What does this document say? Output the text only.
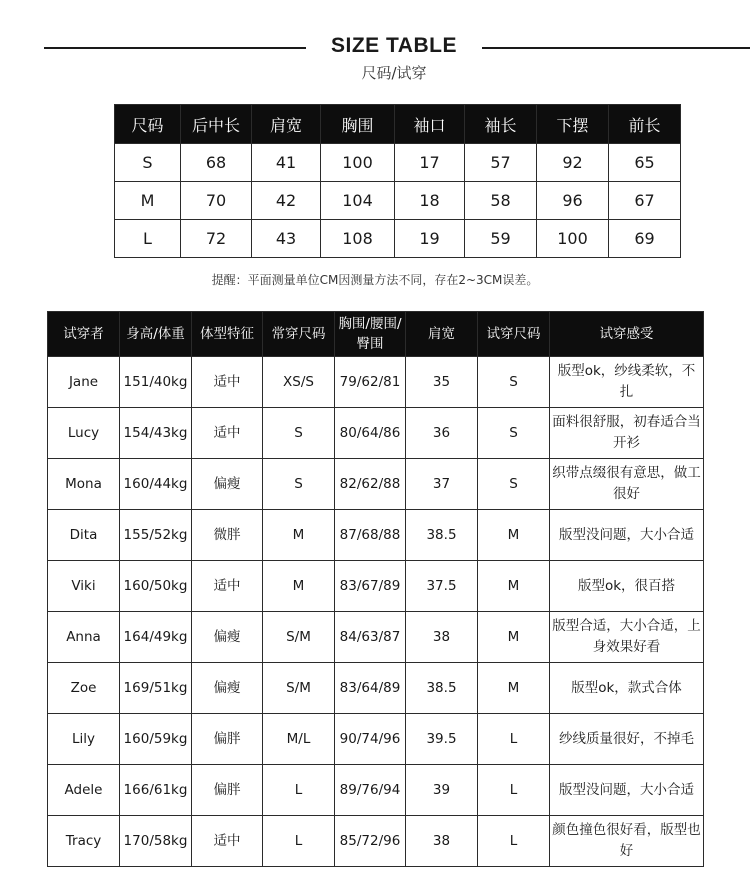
SIZE TABLE
尺码/试穿
尺码	后中长	肩宽	胸围	袖口	袖长	下摆	前长
S	68	41	100	17	57	92	65
M	70	42	104	18	58	96	67
L	72	43	108	19	59	100	69
提醒：平面测量单位CM因测量方法不同，存在2~3CM误差。
试穿者	身高/体重	体型特征	常穿尺码	胸围/腰围/臀围	肩宽	试穿尺码	试穿感受
Jane	151/40kg	适中	XS/S	79/62/81	35	S	版型ok，纱线柔软，不扎
Lucy	154/43kg	适中	S	80/64/86	36	S	面料很舒服，初春适合当开衫
Mona	160/44kg	偏瘦	S	82/62/88	37	S	织带点缀很有意思，做工很好
Dita	155/52kg	微胖	M	87/68/88	38.5	M	版型没问题，大小合适
Viki	160/50kg	适中	M	83/67/89	37.5	M	版型ok，很百搭
Anna	164/49kg	偏瘦	S/M	84/63/87	38	M	版型合适，大小合适，上身效果好看
Zoe	169/51kg	偏瘦	S/M	83/64/89	38.5	M	版型ok，款式合体
Lily	160/59kg	偏胖	M/L	90/74/96	39.5	L	纱线质量很好，不掉毛
Adele	166/61kg	偏胖	L	89/76/94	39	L	版型没问题，大小合适
Tracy	170/58kg	适中	L	85/72/96	38	L	颜色撞色很好看，版型也好
